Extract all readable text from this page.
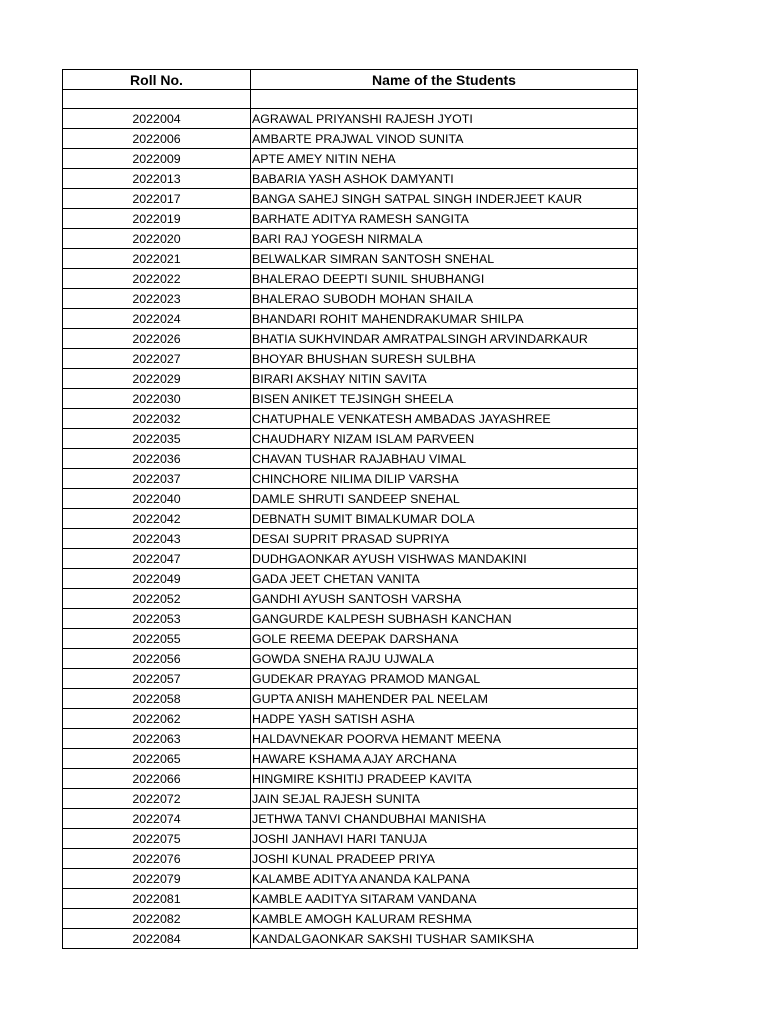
Roll No.	Name of the Students

2022004	AGRAWAL PRIYANSHI RAJESH JYOTI
2022006	AMBARTE PRAJWAL VINOD SUNITA
2022009	APTE AMEY NITIN NEHA
2022013	BABARIA YASH ASHOK DAMYANTI
2022017	BANGA SAHEJ SINGH SATPAL SINGH INDERJEET KAUR
2022019	BARHATE ADITYA RAMESH SANGITA
2022020	BARI RAJ YOGESH NIRMALA
2022021	BELWALKAR SIMRAN SANTOSH SNEHAL
2022022	BHALERAO DEEPTI SUNIL SHUBHANGI
2022023	BHALERAO SUBODH MOHAN SHAILA
2022024	BHANDARI ROHIT MAHENDRAKUMAR SHILPA
2022026	BHATIA SUKHVINDAR AMRATPALSINGH ARVINDARKAUR
2022027	BHOYAR BHUSHAN SURESH SULBHA
2022029	BIRARI AKSHAY NITIN SAVITA
2022030	BISEN ANIKET TEJSINGH SHEELA
2022032	CHATUPHALE VENKATESH AMBADAS JAYASHREE
2022035	CHAUDHARY NIZAM ISLAM PARVEEN
2022036	CHAVAN TUSHAR RAJABHAU VIMAL
2022037	CHINCHORE NILIMA DILIP VARSHA
2022040	DAMLE SHRUTI SANDEEP SNEHAL
2022042	DEBNATH SUMIT BIMALKUMAR DOLA
2022043	DESAI SUPRIT PRASAD SUPRIYA
2022047	DUDHGAONKAR AYUSH VISHWAS MANDAKINI
2022049	GADA JEET CHETAN VANITA
2022052	GANDHI AYUSH SANTOSH VARSHA
2022053	GANGURDE KALPESH SUBHASH KANCHAN
2022055	GOLE REEMA DEEPAK DARSHANA
2022056	GOWDA SNEHA RAJU UJWALA
2022057	GUDEKAR PRAYAG PRAMOD MANGAL
2022058	GUPTA ANISH MAHENDER PAL NEELAM
2022062	HADPE YASH SATISH ASHA
2022063	HALDAVNEKAR POORVA HEMANT MEENA
2022065	HAWARE KSHAMA AJAY ARCHANA
2022066	HINGMIRE KSHITIJ PRADEEP KAVITA
2022072	JAIN SEJAL RAJESH SUNITA
2022074	JETHWA TANVI CHANDUBHAI MANISHA
2022075	JOSHI JANHAVI HARI TANUJA
2022076	JOSHI KUNAL PRADEEP PRIYA
2022079	KALAMBE ADITYA ANANDA KALPANA
2022081	KAMBLE AADITYA SITARAM VANDANA
2022082	KAMBLE AMOGH KALURAM RESHMA
2022084	KANDALGAONKAR SAKSHI TUSHAR SAMIKSHA
